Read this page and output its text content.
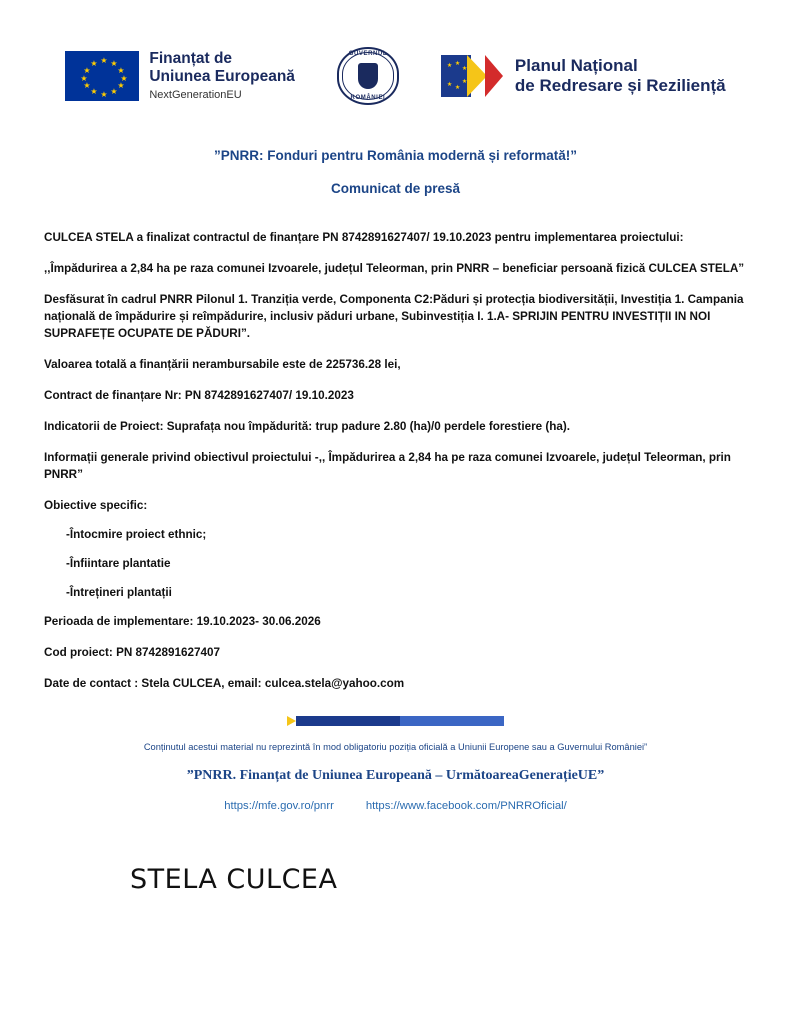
★ ★
★
★
★
★
★
★
★
★
★
★	Finanțat de
Uniunea Europeană
NextGenerationEU
GUVERNUL
ROMÂNIEI
★ ★
★
★
★
★
Planul Național
de Redresare și Reziliență
”PNRR: Fonduri pentru România modernă și reformată!”
Comunicat de presă

CULCEA STELA a finalizat contractul de finanțare PN 8742891627407/ 19.10.2023 pentru implementarea proiectului:

,,Împădurirea a 2,84 ha pe raza comunei Izvoarele, județul Teleorman, prin PNRR – beneficiar persoană fizică CULCEA STELA”

Desfăsurat în cadrul PNRR Pilonul 1. Tranziția verde, Componenta C2:Păduri și protecția biodiversității, Investiția 1. Campania națională de împădurire și reîmpădurire, inclusiv păduri urbane, Subinvestiția I. 1.A- SPRIJIN PENTRU INVESTIȚII IN NOI SUPRAFEȚE OCUPATE DE PĂDURI”.

Valoarea totală a finanțării nerambursabile este de 225736.28 lei,

Contract de finanțare Nr: PN 8742891627407/ 19.10.2023

Indicatorii de Proiect: Suprafața nou împădurită: trup padure 2.80 (ha)/0 perdele forestiere (ha).

Informații generale privind obiectivul proiectului -,, Împădurirea a 2,84 ha pe raza comunei Izvoarele, județul Teleorman, prin PNRR”

Obiective specific:

-Întocmire proiect ethnic;

-Înfiintare plantatie

-Întrețineri plantații

Perioada de implementare: 19.10.2023- 30.06.2026

Cod proiect: PN 8742891627407

Date de contact : Stela CULCEA, email: culcea.stela@yahoo.com

Conținutul acestui material nu reprezintă în mod obligatoriu poziția oficială a Uniunii Europene sau a Guvernului României”
”PNRR. Finanțat de Uniunea Europeană – UrmătoareaGenerațieUE”
https://mfe.gov.ro/pnrr	https://www.facebook.com/PNRROficial/
STELA CULCEA
